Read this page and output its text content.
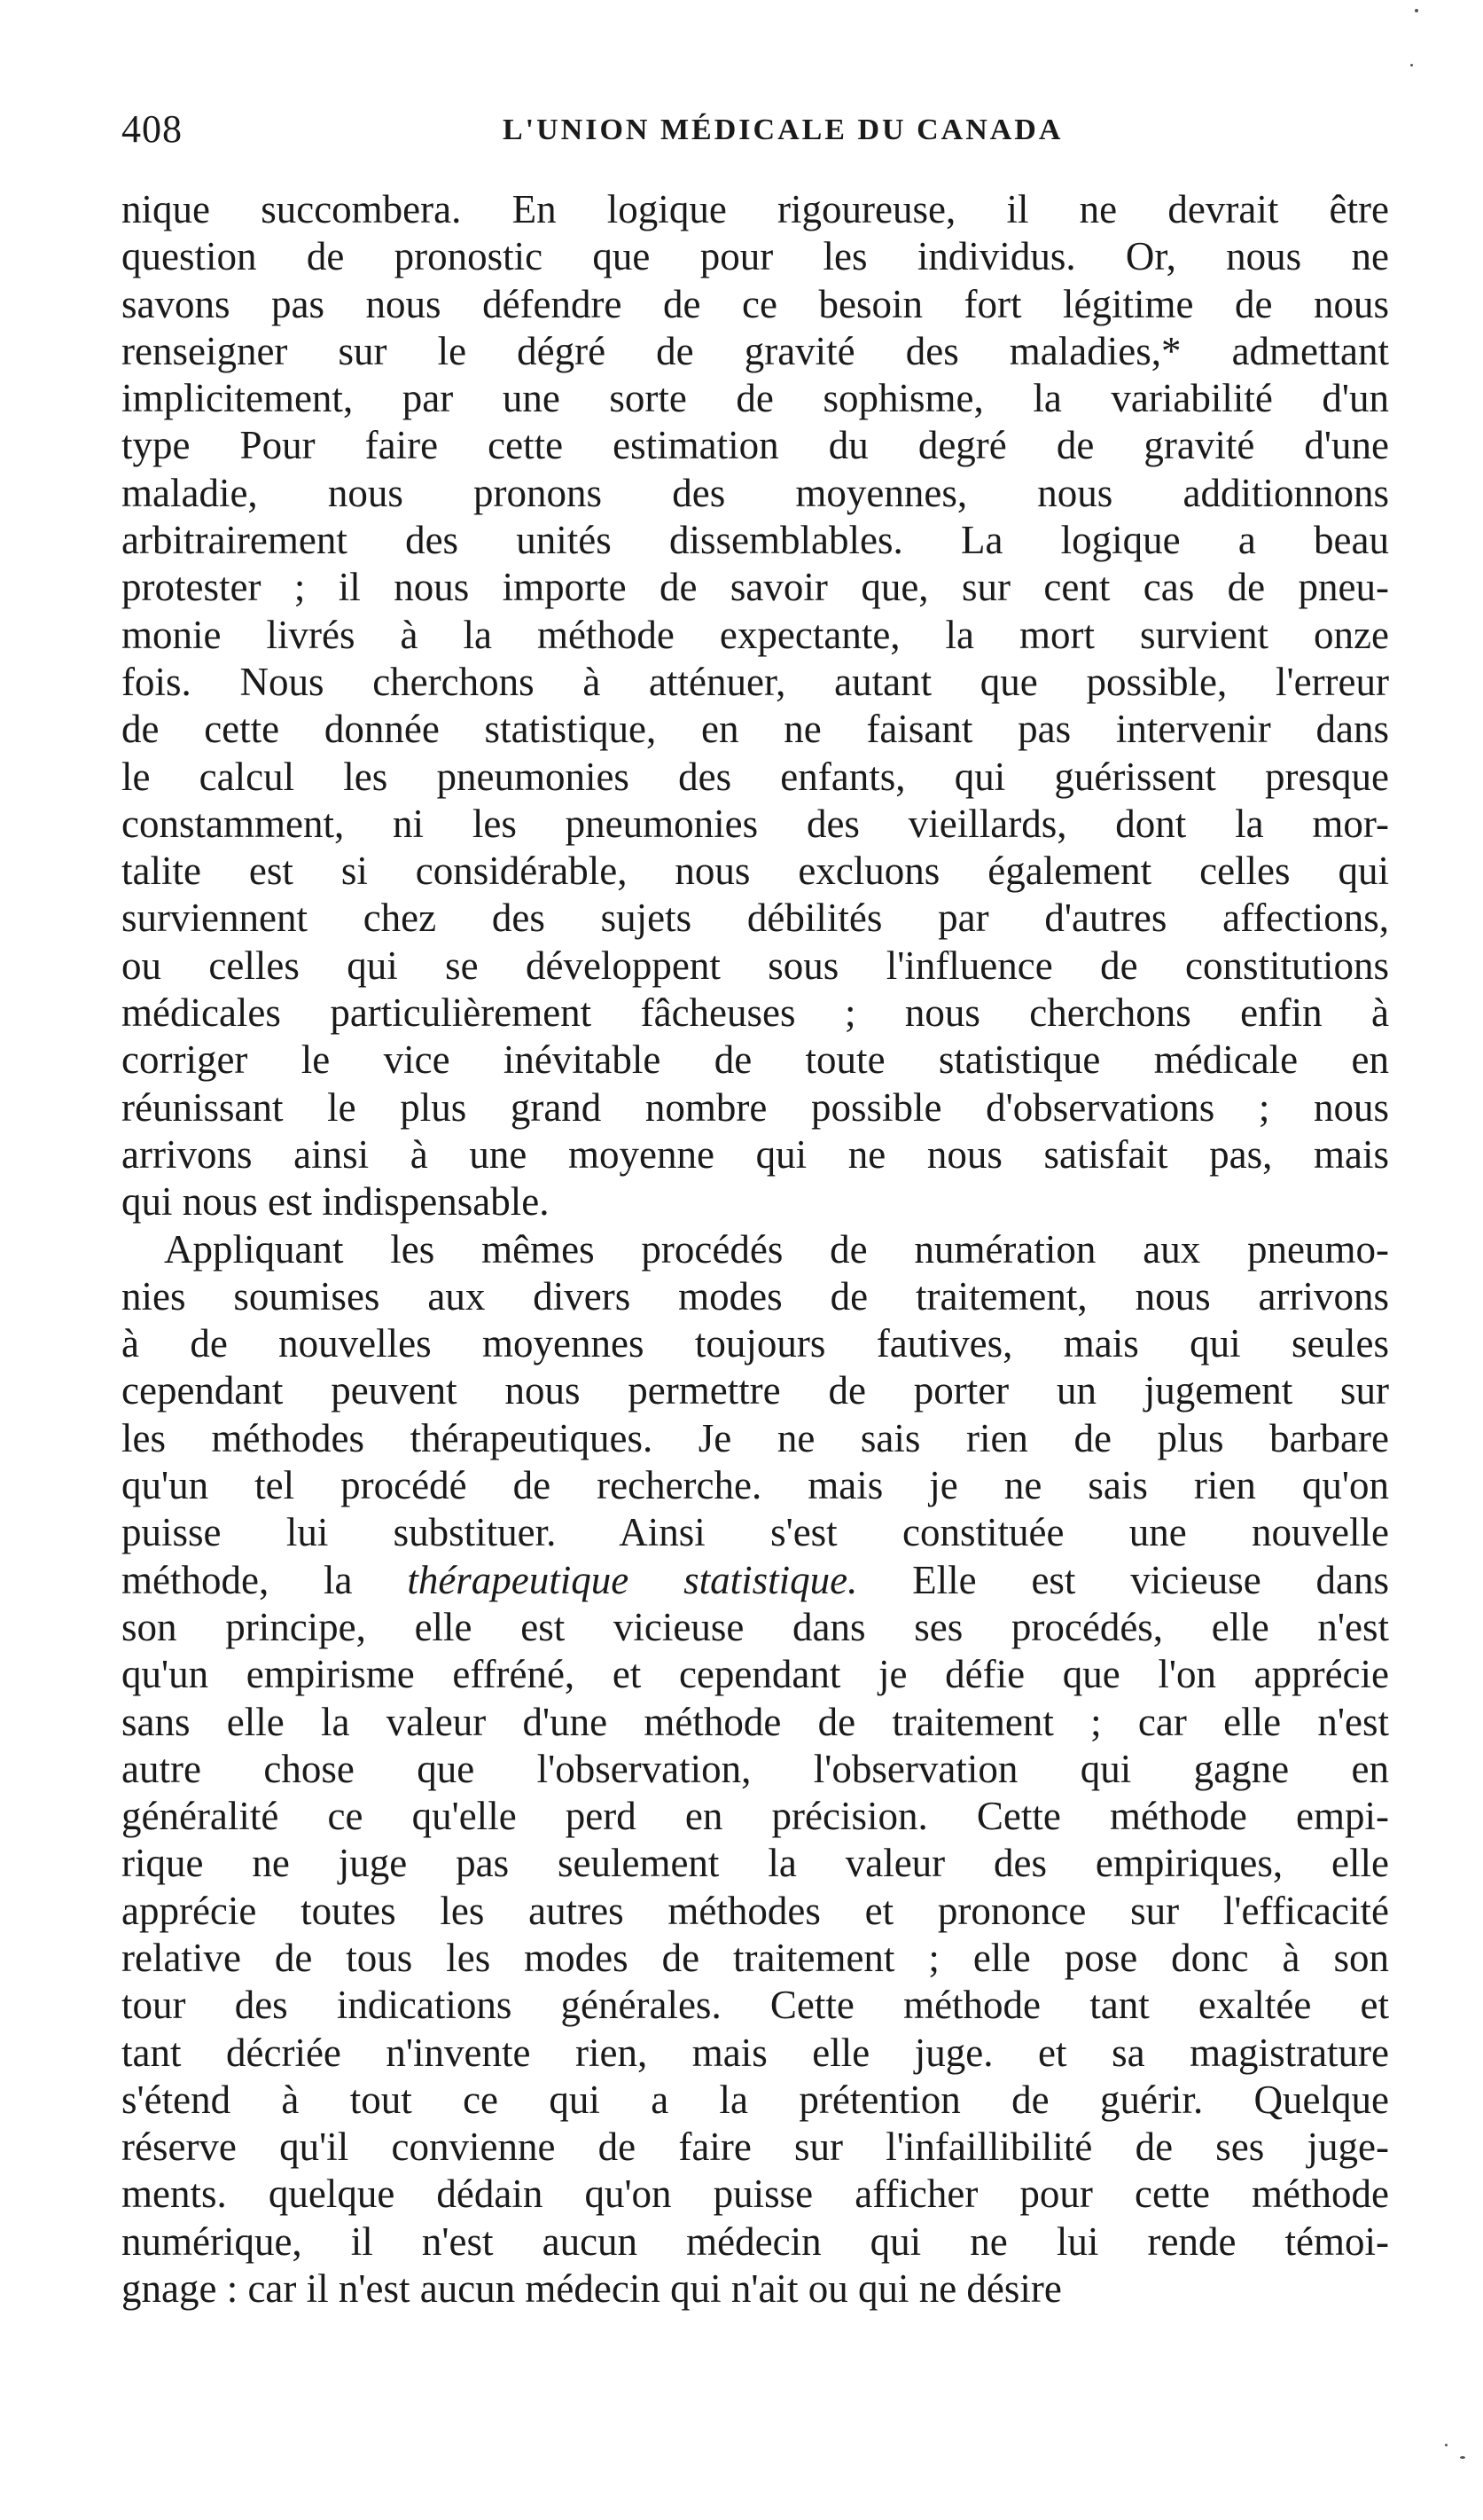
408	L'UNION MÉDICALE DU CANADA
nique succombera. En logique rigoureuse, il ne devrait être
question de pronostic que pour les individus. Or, nous ne
savons pas nous défendre de ce besoin fort légitime de nous
renseigner sur le dégré de gravité des maladies,* admettant
implicitement, par une sorte de sophisme, la variabilité d'un
type Pour faire cette estimation du degré de gravité d'une
maladie, nous pronons des moyennes, nous additionnons
arbitrairement des unités dissemblables. La logique a beau
protester ; il nous importe de savoir que, sur cent cas de pneu-
monie livrés à la méthode expectante, la mort survient onze
fois. Nous cherchons à atténuer, autant que possible, l'erreur
de cette donnée statistique, en ne faisant pas intervenir dans
le calcul les pneumonies des enfants, qui guérissent presque
constamment, ni les pneumonies des vieillards, dont la mor-
talite est si considérable, nous excluons également celles qui
surviennent chez des sujets débilités par d'autres affections,
ou celles qui se développent sous l'influence de constitutions
médicales particulièrement fâcheuses ; nous cherchons enfin à
corriger le vice inévitable de toute statistique médicale en
réunissant le plus grand nombre possible d'observations ; nous
arrivons ainsi à une moyenne qui ne nous satisfait pas, mais
qui nous est indispensable.
Appliquant les mêmes procédés de numération aux pneumo-
nies soumises aux divers modes de traitement, nous arrivons
à de nouvelles moyennes toujours fautives, mais qui seules
cependant peuvent nous permettre de porter un jugement sur
les méthodes thérapeutiques. Je ne sais rien de plus barbare
qu'un tel procédé de recherche. mais je ne sais rien qu'on
puisse lui substituer. Ainsi s'est constituée une nouvelle
méthode, la thérapeutique statistique. Elle est vicieuse dans
son principe, elle est vicieuse dans ses procédés, elle n'est
qu'un empirisme effréné, et cependant je défie que l'on apprécie
sans elle la valeur d'une méthode de traitement ; car elle n'est
autre chose que l'observation, l'observation qui gagne en
généralité ce qu'elle perd en précision. Cette méthode empi-
rique ne juge pas seulement la valeur des empiriques, elle
apprécie toutes les autres méthodes et prononce sur l'efficacité
relative de tous les modes de traitement ; elle pose donc à son
tour des indications générales. Cette méthode tant exaltée et
tant décriée n'invente rien, mais elle juge. et sa magistrature
s'étend à tout ce qui a la prétention de guérir. Quelque
réserve qu'il convienne de faire sur l'infaillibilité de ses juge-
ments. quelque dédain qu'on puisse afficher pour cette méthode
numérique, il n'est aucun médecin qui ne lui rende témoi-
gnage : car il n'est aucun médecin qui n'ait ou qui ne désire
